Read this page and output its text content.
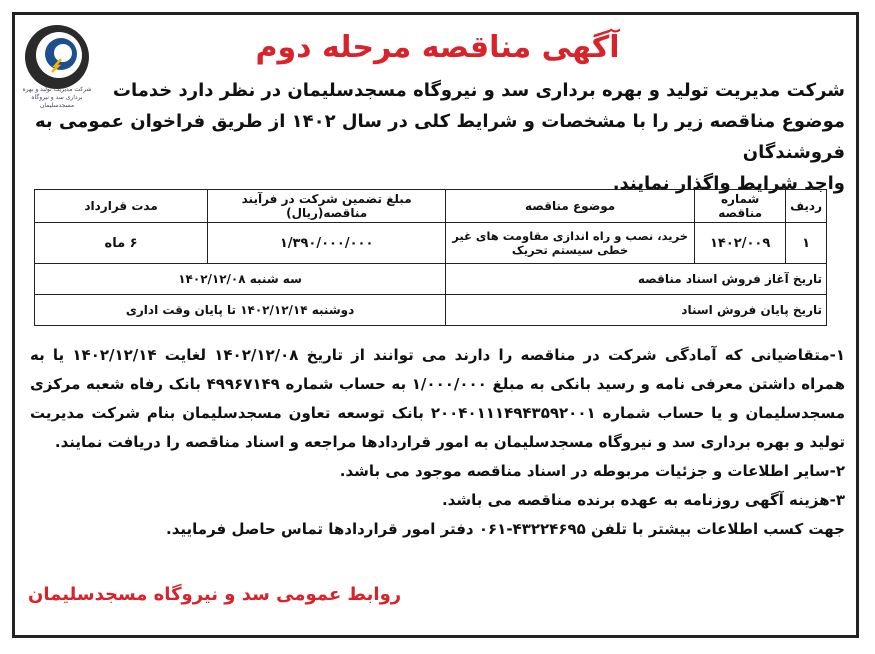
شرکت مدیریت تولید و بهره برداری سد و نیروگاه مسجدسلیمان
آگهی مناقصه مرحله دوم

شرکت مدیریت تولید و بهره برداری سد و نیروگاه مسجدسلیمان در نظر دارد خدمات

موضوع مناقصه زیر را با مشخصات و شرایط کلی در سال ۱۴۰۲ از طریق فراخوان عمومی به فروشندگان

واجد شرایط واگذار نمایند.

ردیف	شماره مناقصه	موضوع مناقصه	مبلغ تضمین شرکت در فرآیند مناقصه(ریال)	مدت قرارداد
۱	۱۴۰۲/۰۰۹	خرید، نصب و راه اندازی مقاومت های غیر خطی سیستم تحریک	۱/۳۹۰/۰۰۰/۰۰۰	۶ ماه
تاریخ آغاز فروش اسناد مناقصه			سه شنبه ۱۴۰۲/۱۲/۰۸	
تاریخ پایان فروش اسناد			دوشنبه ۱۴۰۲/۱۲/۱۴ تا پایان وقت اداری	

۱-متقاضیانی که آمادگی شرکت در مناقصه را دارند می توانند از تاریخ ۱۴۰۲/۱۲/۰۸ لغایت ۱۴۰۲/۱۲/۱۴ یا به همراه داشتن معرفی نامه و رسید بانکی به مبلغ ۱/۰۰۰/۰۰۰ به حساب شماره ۴۹۹۶۷۱۴۹ بانک رفاه شعبه مرکزی مسجدسلیمان و یا حساب شماره ۲۰۰۴۰۱۱۱۴۹۴۳۵۹۲۰۰۱ بانک توسعه تعاون مسجدسلیمان بنام شرکت مدیریت تولید و بهره برداری سد و نیروگاه مسجدسلیمان به امور قراردادها مراجعه و اسناد مناقصه را دریافت نمایند.

۲-سایر اطلاعات و جزئیات مربوطه در اسناد مناقصه موجود می باشد.

۳-هزینه آگهی روزنامه به عهده برنده مناقصه می باشد.

جهت کسب اطلاعات بیشتر با تلفن ۴۳۲۲۴۶۹۵-۰۶۱ دفتر امور قراردادها تماس حاصل فرمایید.

روابط عمومی سد و نیروگاه مسجدسلیمان
